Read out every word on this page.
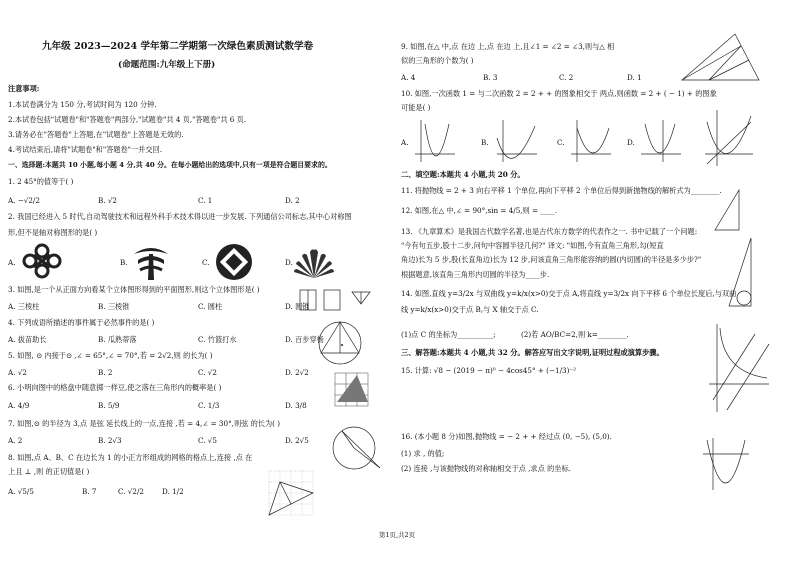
九年级 2023—2024 学年第二学期第一次绿色素质测试数学卷
(命题范围:九年级上下册)
注意事项:
1.本试卷满分为 150 分,考试时间为 120 分钟.
2.本试卷包括"试题卷"和"答题卷"两部分,"试题卷"共 4 页,"答题卷"共 6 页.
3.请务必在"答题卷"上答题,在"试题卷"上答题是无效的.
4.考试结束后,请将"试题卷"和"答题卷"一并交回.
一、选择题:本题共 10 小题,每小题 4 分,共 40 分。在每小题给出的选项中,只有一项是符合题目要求的。
1. 2 45°的值等于( )
A. −√2/2	B. √2	C. 1	D. 2
2. 我国已经进入 5 时代,自动驾驶技术和远程外科手术技术得以进一步发展. 下列通信公司标志,其中心对称图
形,但不是轴对称图形的是( )
A.	B.	C.	D.
3. 如图,是一个从正面方向看某个立体图形得到的平面图形,则这个立体图形是( )
A. 三棱柱	B. 三棱锥	C. 圆柱	D. 圆锥
4. 下列成语所描述的事件属于必然事件的是( )
A. 拔苗助长	B. 瓜熟蒂落	C. 竹篮打水	D. 百步穿杨
5. 如图, ⊙ 内接于⊙ ,∠ = 65°,∠ = 70°,若 = 2√2,则 的长为( )
A. √2	B. 2	C. √2	D. 2√2
6. 小明向图中的格盘中随意掷一样豆,使之落在三角形内的概率是( )
A. 4/9	B. 5/9	C. 1/3	D. 3/8
7. 如图,⊙ 的半径为 3,点 是弦 延长线上的一点,连接 ,若 = 4,∠ = 30°,则弦 的长为( )
A. 2	B. 2√3	C. √5	D. 2√5
8. 如图,点 A、B、C 在边长为 1 的小正方形组成的网格的格点上,连接 ,点 在
上且 ⊥ ,则 的正切值是( )
A. √5/5	B. 7	C. √2/2	D. 1/2
9. 如图,在△ 中,点 在边 上,点 在边 上,且∠1 = ∠2 = ∠3,则与△ 相
似的三角形的个数为( )
A. 4	B. 3	C. 2	D. 1
10. 如图,一次函数 1 = 与二次函数 2 = 2 + + 的图象相交于 两点,则函数 = 2 + ( − 1) + 的图象
可能是( )
A.	B.	C.	D.
二、填空题:本题共 4 小题,共 20 分。
11. 将抛物线 = 2 + 3 向右平移 1 个单位,再向下平移 2 个单位后得到新抛物线的解析式为________.
12. 如图,在△ 中,∠ = 90°,sin = 4/5,则 = ____.
13. 《九章算术》是我国古代数学名著,也是古代东方数学的代表作之一. 书中记载了一个问题:
"今有句五步,股十二步,问句中容圆半径几何?" 译文: "如图,今有直角三角形,勾(短直
角边)长为 5 步,股(长直角边)长为 12 步,问该直角三角形能容纳的圆(内切圆)的半径是多少步?"
根据题意,该直角三角形内切圆的半径为____步.
14. 如图,直线 y=3/2x 与双曲线 y=k/x(x>0)交于点 A,将直线 y=3/2x 向下平移 6 个单位长度后,与双曲
线 y=k/x(x>0)交于点 B,与 X 轴交于点 C.
(1)点 C 的坐标为__________;	(2)若 AO/BC=2,则 k=________.
三、解答题:本题共 4 小题,共 32 分。解答应写出文字说明,证明过程或演算步骤。
15. 计算: √8 − (2019 − π)⁰ − 4cos45° + (−1/3)⁻²
16. (本小题 8 分)如图,抛物线 = − 2 + + 经过点 (0, −5), (5,0).
(1) 求 , 的值;
(2) 连接 ,与该抛物线的对称轴相交于点 ,求点 的坐标.
第1页,共2页
